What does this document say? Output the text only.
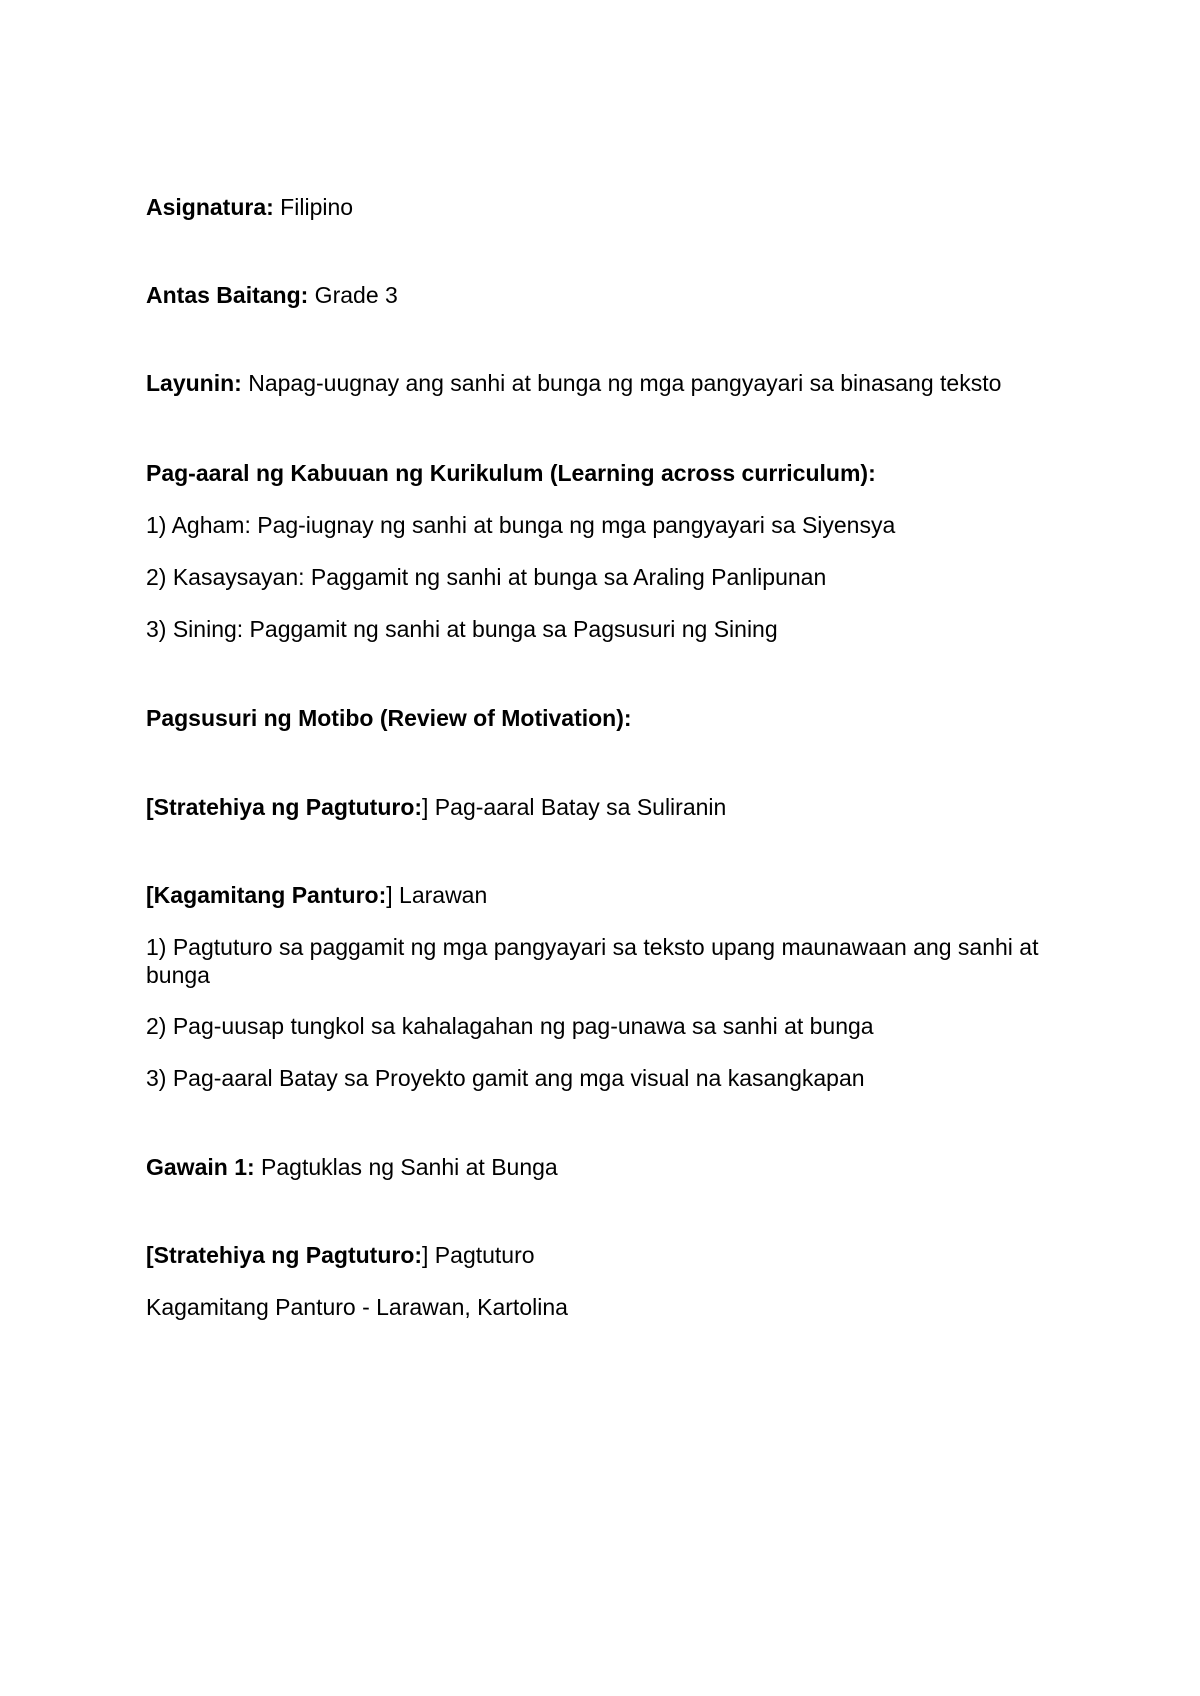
Asignatura: Filipino
Antas Baitang: Grade 3
Layunin: Napag-uugnay ang sanhi at bunga ng mga pangyayari sa binasang teksto
Pag-aaral ng Kabuuan ng Kurikulum (Learning across curriculum):
1) Agham: Pag-iugnay ng sanhi at bunga ng mga pangyayari sa Siyensya
2) Kasaysayan: Paggamit ng sanhi at bunga sa Araling Panlipunan
3) Sining: Paggamit ng sanhi at bunga sa Pagsusuri ng Sining
Pagsusuri ng Motibo (Review of Motivation):
[Stratehiya ng Pagtuturo:] Pag-aaral Batay sa Suliranin
[Kagamitang Panturo:] Larawan
1) Pagtuturo sa paggamit ng mga pangyayari sa teksto upang maunawaan ang sanhi at bunga
2) Pag-uusap tungkol sa kahalagahan ng pag-unawa sa sanhi at bunga
3) Pag-aaral Batay sa Proyekto gamit ang mga visual na kasangkapan
Gawain 1: Pagtuklas ng Sanhi at Bunga
[Stratehiya ng Pagtuturo:] Pagtuturo
Kagamitang Panturo - Larawan, Kartolina
